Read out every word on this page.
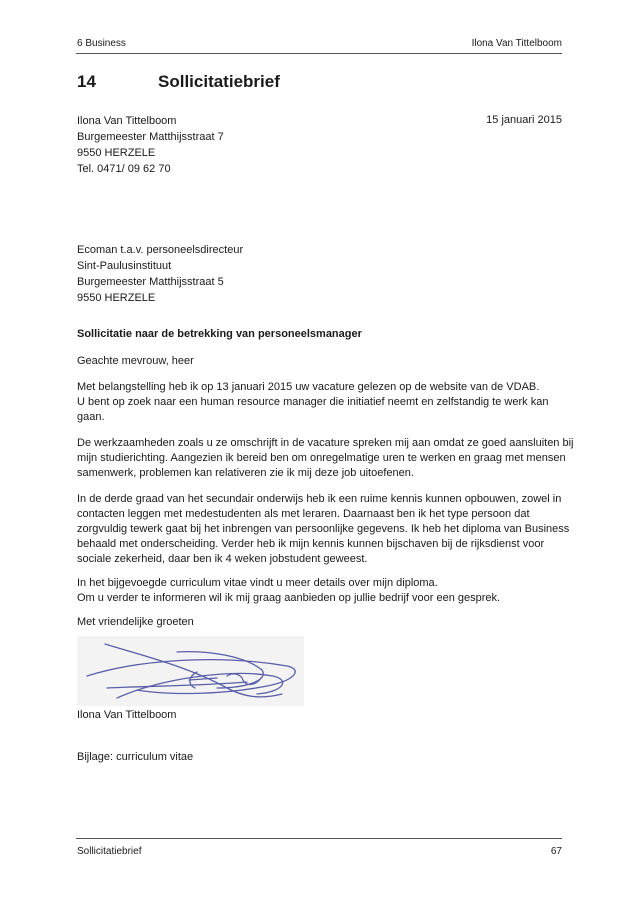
6 Business	Ilona Van Tittelboom
14	Sollicitatiebrief
Ilona Van Tittelboom	15 januari 2015
Burgemeester Matthijsstraat 7
9550 HERZELE
Tel. 0471/ 09 62 70
Ecoman t.a.v. personeelsdirecteur
Sint-Paulusinstituut
Burgemeester Matthijsstraat 5
9550 HERZELE
Sollicitatie naar de betrekking van personeelsmanager
Geachte mevrouw, heer
Met belangstelling heb ik op 13 januari 2015 uw vacature gelezen op de website van de VDAB.
U bent op zoek naar een human resource manager die initiatief neemt en zelfstandig te werk kan
gaan.
De werkzaamheden zoals u ze omschrijft in de vacature spreken mij aan omdat ze goed aansluiten bij
mijn studierichting. Aangezien ik bereid ben om onregelmatige uren te werken en graag met mensen
samenwerk, problemen kan relativeren zie ik mij deze job uitoefenen.
In de derde graad van het secundair onderwijs heb ik een ruime kennis kunnen opbouwen, zowel in
contacten leggen met medestudenten als met leraren. Daarnaast ben ik het type persoon dat
zorgvuldig tewerk gaat bij het inbrengen van persoonlijke gegevens. Ik heb het diploma van Business
behaald met onderscheiding. Verder heb ik mijn kennis kunnen bijschaven bij de rijksdienst voor
sociale zekerheid, daar ben ik 4 weken jobstudent geweest.
In het bijgevoegde curriculum vitae vindt u meer details over mijn diploma.
Om u verder te informeren wil ik mij graag aanbieden op jullie bedrijf voor een gesprek.
Met vriendelijke groeten
Ilona Van Tittelboom
Bijlage: curriculum vitae
Sollicitatiebrief	67
